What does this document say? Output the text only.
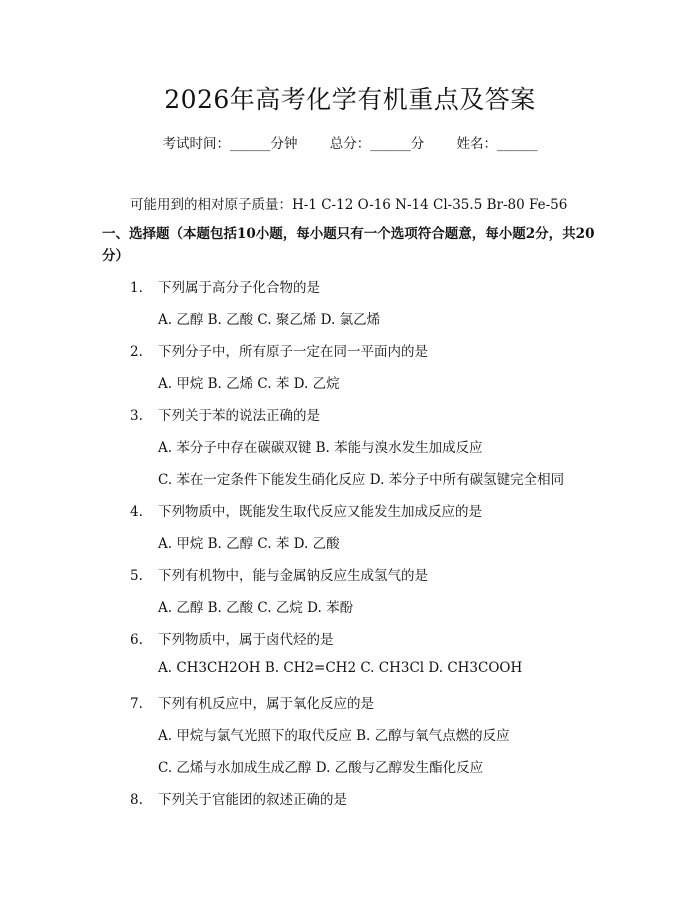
2026年高考化学有机重点及答案
考试时间：______分钟 总分：______分 姓名：______
可能用到的相对原子质量：H-1 C-12 O-16 N-14 Cl-35.5 Br-80 Fe-56
一、选择题（本题包括10小题，每小题只有一个选项符合题意，每小题2分，共20分）
1. 下列属于高分子化合物的是
A. 乙醇 B. 乙酸 C. 聚乙烯 D. 氯乙烯
2. 下列分子中，所有原子一定在同一平面内的是
A. 甲烷 B. 乙烯 C. 苯 D. 乙烷
3. 下列关于苯的说法正确的是
A. 苯分子中存在碳碳双键 B. 苯能与溴水发生加成反应
C. 苯在一定条件下能发生硝化反应 D. 苯分子中所有碳氢键完全相同
4. 下列物质中，既能发生取代反应又能发生加成反应的是
A. 甲烷 B. 乙醇 C. 苯 D. 乙酸
5. 下列有机物中，能与金属钠反应生成氢气的是
A. 乙醇 B. 乙酸 C. 乙烷 D. 苯酚
6. 下列物质中，属于卤代烃的是
A. CH3CH2OH B. CH2=CH2 C. CH3Cl D. CH3COOH
7. 下列有机反应中，属于氧化反应的是
A. 甲烷与氯气光照下的取代反应 B. 乙醇与氧气点燃的反应
C. 乙烯与水加成生成乙醇 D. 乙酸与乙醇发生酯化反应
8. 下列关于官能团的叙述正确的是
